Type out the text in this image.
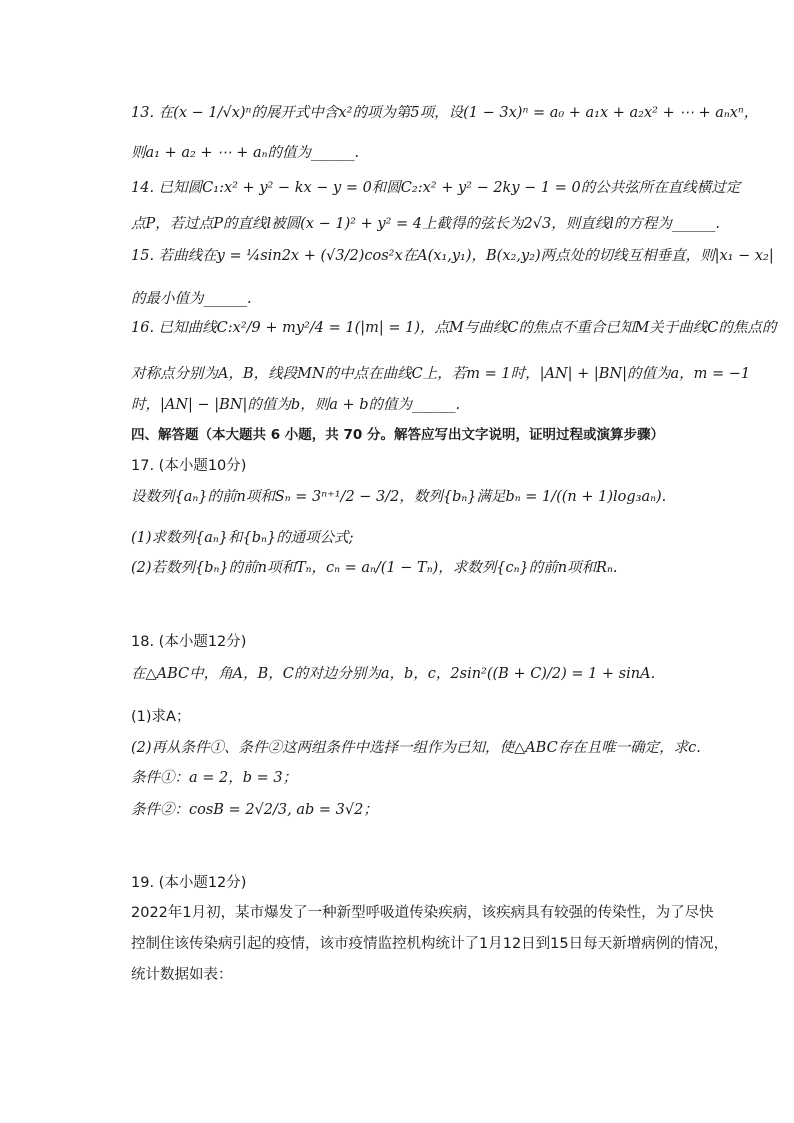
13. 在(x − 1/√x)ⁿ的展开式中含x²的项为第5项，设(1 − 3x)ⁿ = a₀ + a₁x + a₂x² + ⋯ + aₙxⁿ，
则a₁ + a₂ + ⋯ + aₙ的值为______.
14. 已知圆C₁:x² + y² − kx − y = 0和圆C₂:x² + y² − 2ky − 1 = 0的公共弦所在直线横过定
点P，若过点P的直线l被圆(x − 1)² + y² = 4上截得的弦长为2√3，则直线l的方程为______.
15. 若曲线在y = ¼sin2x + (√3/2)cos²x在A(x₁,y₁)，B(x₂,y₂)两点处的切线互相垂直，则|x₁ − x₂|
的最小值为______.
16. 已知曲线C:x²/9 + my²/4 = 1(|m| = 1)，点M与曲线C的焦点不重合已知M关于曲线C的焦点的
对称点分别为A，B，线段MN的中点在曲线C上，若m = 1时，|AN| + |BN|的值为a，m = −1
时，|AN| − |BN|的值为b，则a + b的值为______.
四、解答题（本大题共 6 小题，共 70 分。解答应写出文字说明，证明过程或演算步骤）
17. (本小题10分)
设数列{aₙ}的前n项和Sₙ = 3ⁿ⁺¹/2 − 3/2，数列{bₙ}满足bₙ = 1/((n + 1)log₃aₙ).
(1)求数列{aₙ}和{bₙ}的通项公式;
(2)若数列{bₙ}的前n项和Tₙ，cₙ = aₙ/(1 − Tₙ)，求数列{cₙ}的前n项和Rₙ.
18. (本小题12分)
在△ABC中，角A，B，C的对边分别为a，b，c，2sin²((B + C)/2) = 1 + sinA.
(1)求A；
(2)再从条件①、条件②这两组条件中选择一组作为已知，使△ABC存在且唯一确定，求c.
条件①：a = 2，b = 3；
条件②：cosB = 2√2/3, ab = 3√2；
19. (本小题12分)
2022年1月初，某市爆发了一种新型呼吸道传染疾病，该疾病具有较强的传染性，为了尽快
控制住该传染病引起的疫情，该市疫情监控机构统计了1月12日到15日每天新增病例的情况，
统计数据如表：
